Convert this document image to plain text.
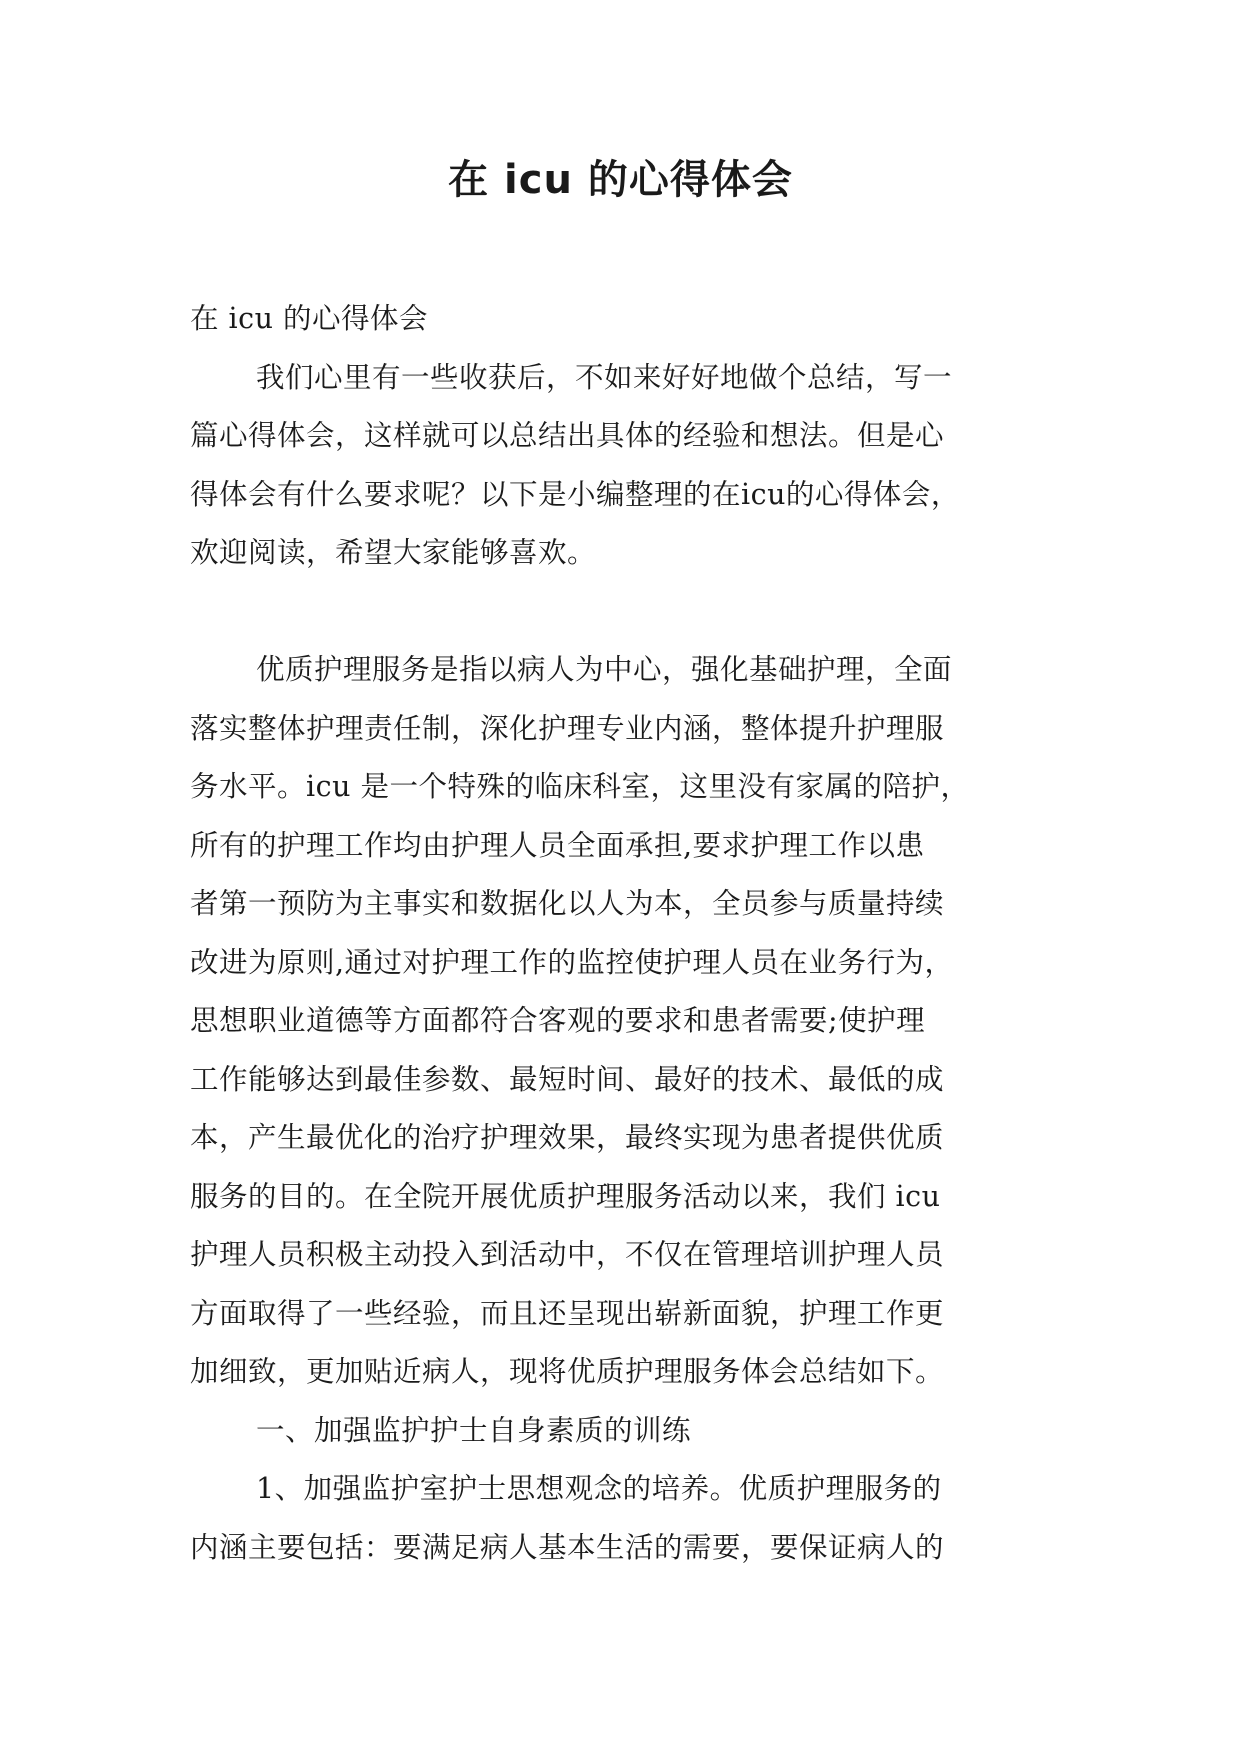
在 icu 的心得体会
在 icu 的心得体会
我们心里有一些收获后，不如来好好地做个总结，写一
篇心得体会，这样就可以总结出具体的经验和想法。但是心
得体会有什么要求呢？以下是小编整理的在icu的心得体会，
欢迎阅读，希望大家能够喜欢。
优质护理服务是指以病人为中心，强化基础护理，全面
落实整体护理责任制，深化护理专业内涵，整体提升护理服
务水平。icu 是一个特殊的临床科室，这里没有家属的陪护，
所有的护理工作均由护理人员全面承担,要求护理工作以患
者第一预防为主事实和数据化以人为本，全员参与质量持续
改进为原则,通过对护理工作的监控使护理人员在业务行为，
思想职业道德等方面都符合客观的要求和患者需要;使护理
工作能够达到最佳参数、最短时间、最好的技术、最低的成
本，产生最优化的治疗护理效果，最终实现为患者提供优质
服务的目的。在全院开展优质护理服务活动以来，我们 icu
护理人员积极主动投入到活动中，不仅在管理培训护理人员
方面取得了一些经验，而且还呈现出崭新面貌，护理工作更
加细致，更加贴近病人，现将优质护理服务体会总结如下。
一、加强监护护士自身素质的训练
1、加强监护室护士思想观念的培养。优质护理服务的
内涵主要包括：要满足病人基本生活的需要，要保证病人的
